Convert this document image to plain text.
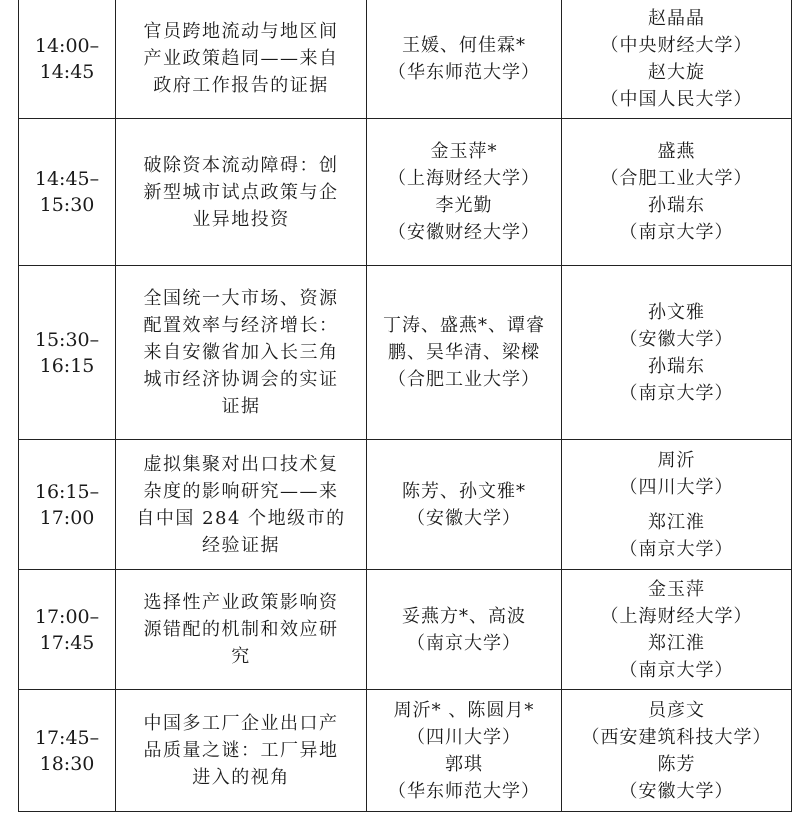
14:00–
14:45	官员跨地流动与地区间
产业政策趋同——来自
政府工作报告的证据	王媛、何佳霖*
（华东师范大学）	赵晶晶
（中央财经大学）
赵大旋
（中国人民大学）

14:45–
15:30	破除资本流动障碍：创
新型城市试点政策与企
业异地投资	金玉萍*
（上海财经大学）
李光勤
（安徽财经大学）	盛燕
（合肥工业大学）
孙瑞东
（南京大学）

15:30–
16:15	全国统一大市场、资源
配置效率与经济增长：
来自安徽省加入长三角
城市经济协调会的实证
证据	丁涛、盛燕*、谭睿
鹏、吴华清、梁樑
（合肥工业大学）	孙文雅
（安徽大学）
孙瑞东
（南京大学）

16:15–
17:00	虚拟集聚对出口技术复
杂度的影响研究——来
自中国 284 个地级市的
经验证据	陈芳、孙文雅*
（安徽大学）	周沂
（四川大学）
郑江淮
（南京大学）

17:00–
17:45	选择性产业政策影响资
源错配的机制和效应研
究	妥燕方*、高波
（南京大学）	金玉萍
（上海财经大学）
郑江淮
（南京大学）

17:45–
18:30	中国多工厂企业出口产
品质量之谜：工厂异地
进入的视角	周沂* 、陈圆月*
（四川大学）
郭琪
（华东师范大学）	员彦文
（西安建筑科技大学）
陈芳
（安徽大学）
